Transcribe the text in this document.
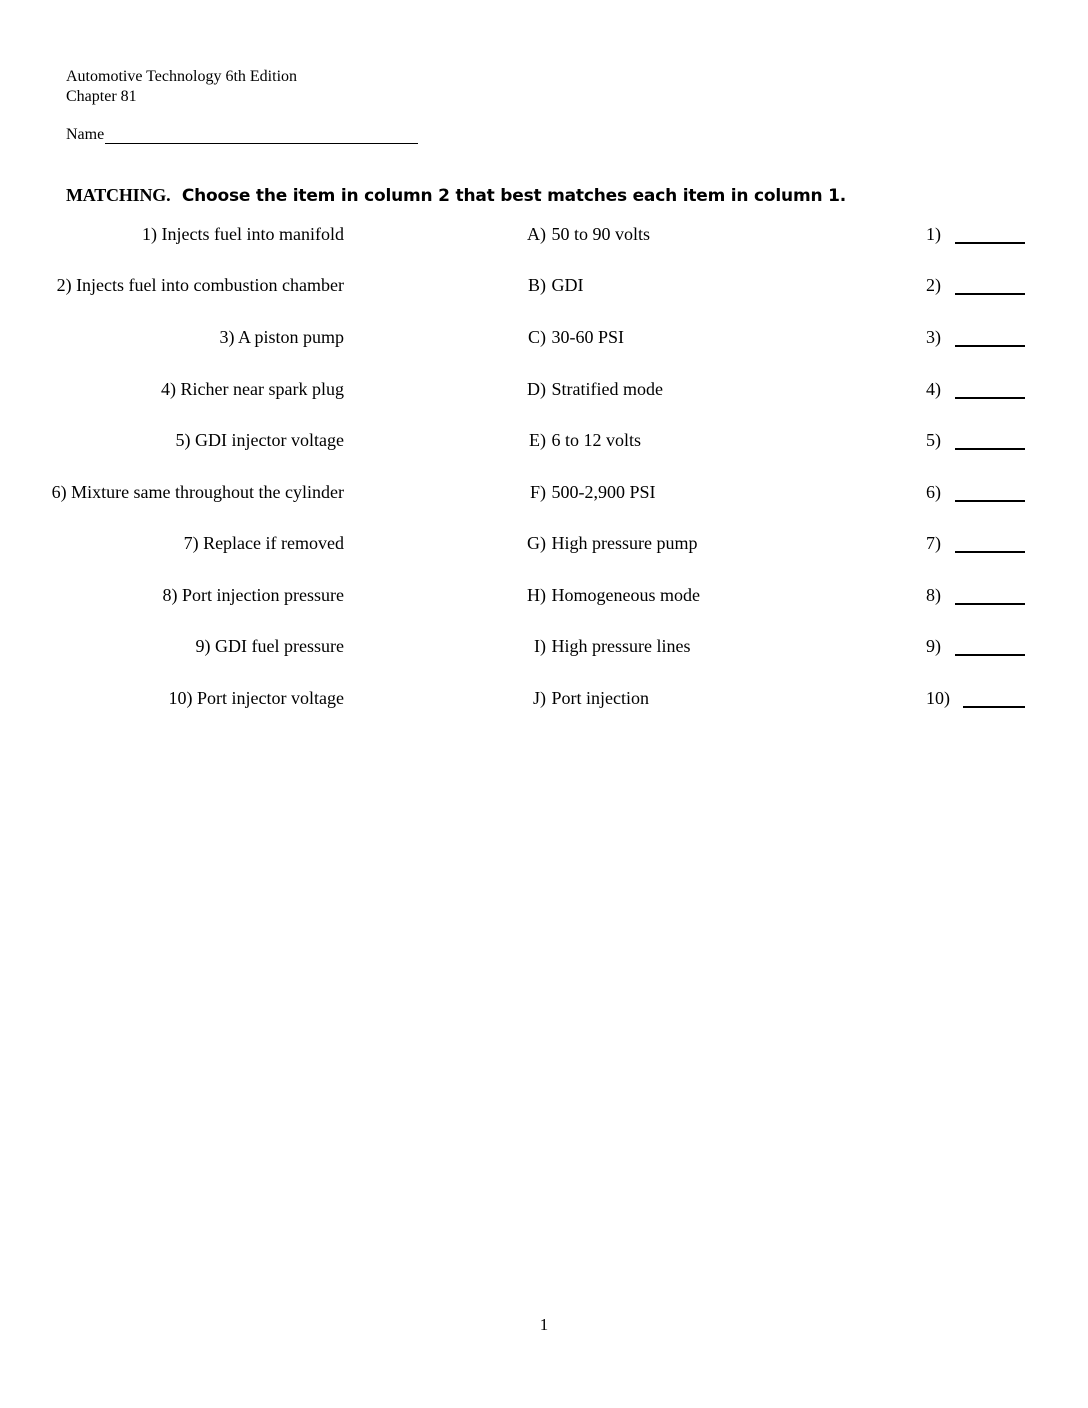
Automotive Technology 6th Edition
Chapter 81
Name
MATCHING. Choose the item in column 2 that best matches each item in column 1.
1) Injects fuel into manifold	A) 50 to 90 volts	1)
2) Injects fuel into combustion chamber	B) GDI	2)
3) A piston pump	C) 30-60 PSI	3)
4) Richer near spark plug	D) Stratified mode	4)
5) GDI injector voltage	E) 6 to 12 volts	5)
6) Mixture same throughout the cylinder	F) 500-2,900 PSI	6)
7) Replace if removed	G) High pressure pump	7)
8) Port injection pressure	H) Homogeneous mode	8)
9) GDI fuel pressure	I) High pressure lines	9)
10) Port injector voltage	J) Port injection	10)
1
